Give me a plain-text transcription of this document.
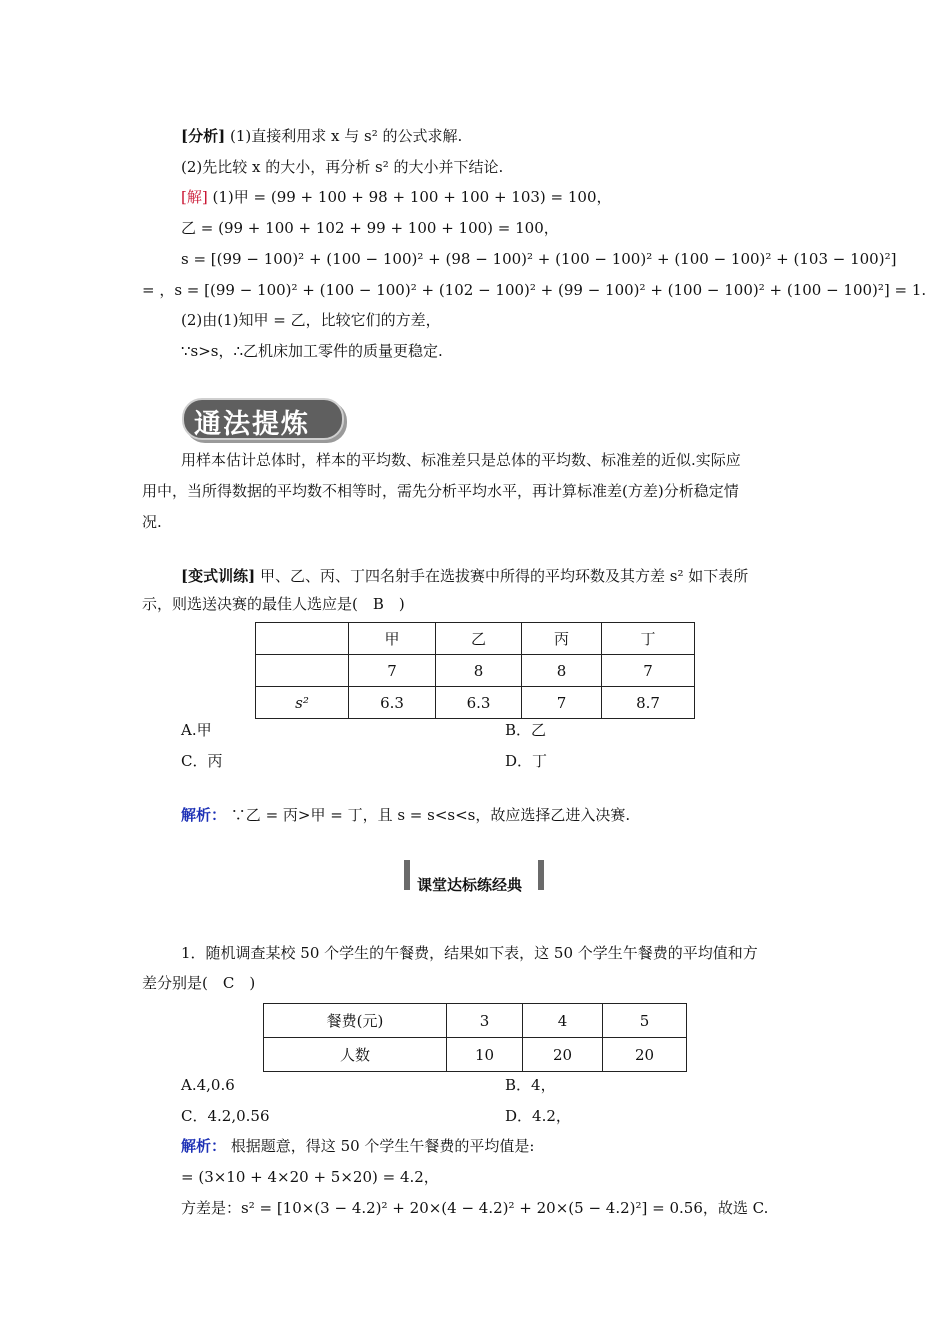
[分析] (1)直接利用求 x 与 s² 的公式求解.
(2)先比较 x 的大小，再分析 s² 的大小并下结论.
[解] (1)甲 = (99 + 100 + 98 + 100 + 100 + 103) = 100，
乙 = (99 + 100 + 102 + 99 + 100 + 100) = 100，
s = [(99 − 100)² + (100 − 100)² + (98 − 100)² + (100 − 100)² + (100 − 100)² + (103 − 100)²]
= ，s = [(99 − 100)² + (100 − 100)² + (102 − 100)² + (99 − 100)² + (100 − 100)² + (100 − 100)²] = 1.
(2)由(1)知甲 = 乙，比较它们的方差，
∵s>s，∴乙机床加工零件的质量更稳定.
通法提炼
用样本估计总体时，样本的平均数、标准差只是总体的平均数、标准差的近似.实际应
用中，当所得数据的平均数不相等时，需先分析平均水平，再计算标准差(方差)分析稳定情
况.
[变式训练] 甲、乙、丙、丁四名射手在选拔赛中所得的平均环数及其方差 s² 如下表所
示，则选送决赛的最佳人选应是(　B　)
	甲	乙	丙	丁
	7	8	8	7
s²	6.3	6.3	7	8.7
A.甲	B．乙
C．丙	D．丁
解析： ∵乙 = 丙>甲 = 丁，且 s = s<s<s，故应选择乙进入决赛.
课堂达标练经典
1．随机调查某校 50 个学生的午餐费，结果如下表，这 50 个学生午餐费的平均值和方
差分别是(　C　)
餐费(元)	3	4	5
人数	10	20	20
A.4,0.6	B．4，
C．4.2,0.56	D．4.2，
解析： 根据题意，得这 50 个学生午餐费的平均值是:
= (3×10 + 4×20 + 5×20) = 4.2，
方差是：s² = [10×(3 − 4.2)² + 20×(4 − 4.2)² + 20×(5 − 4.2)²] = 0.56，故选 C.
